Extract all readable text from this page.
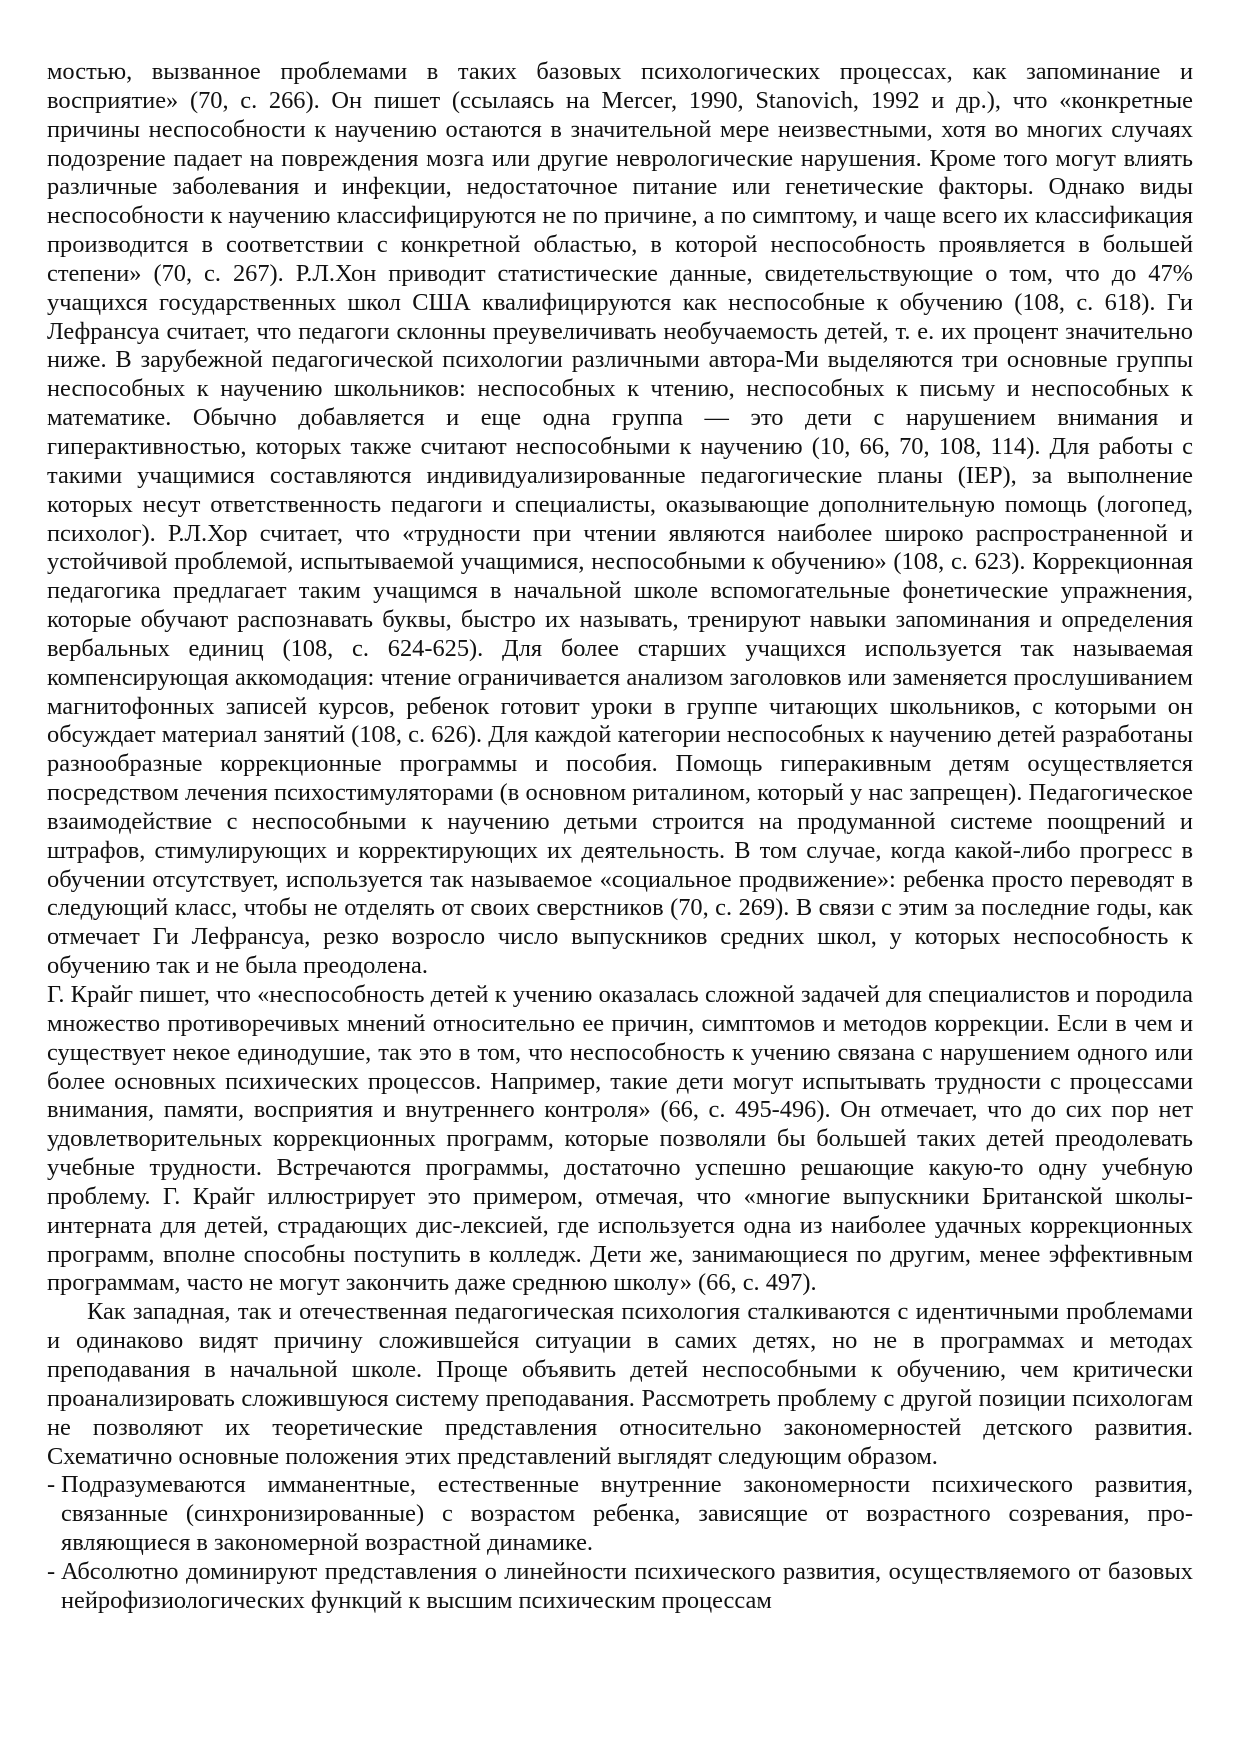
мостью, вызванное проблемами в таких базовых психологических процессах, как запоминание и восприятие» (70, с. 266). Он пишет (ссылаясь на Mercer, 1990, Stanovich, 1992 и др.), что «конкретные причины неспособности к научению остаются в значительной мере неизвестными, хотя во многих случаях подозрение падает на повреждения мозга или другие неврологические нарушения. Кроме того могут влиять различные заболевания и инфекции, недостаточное питание или генетические факторы. Однако виды неспособности к научению классифицируются не по причине, а по симптому, и чаще всего их классификация производится в соответствии с конкретной областью, в которой неспособность проявляется в большей степени» (70, с. 267). Р.Л.Хон приводит статистические данные, свидетельствующие о том, что до 47% учащихся государственных школ США квалифицируются как неспособные к обучению (108, с. 618). Ги Лефрансуа считает, что педагоги склонны преувеличивать необучаемость детей, т. е. их процент значительно ниже. В зарубежной педагогической психологии различными автора-Ми выделяются три основные группы неспособных к научению школьников: неспособных к чтению, неспособных к письму и неспособных к математике. Обычно добавляется и еще одна группа — это дети с нарушением внимания и гиперактивностью, которых также считают неспособными к научению (10, 66, 70, 108, 114). Для работы с такими учащимися составляются индивидуализированные педагогические планы (IEP), за выполнение которых несут ответственность педагоги и специалисты, оказывающие дополнительную помощь (логопед, психолог). Р.Л.Хор считает, что «трудности при чтении являются наиболее широко распространенной и устойчивой проблемой, испытываемой учащимися, неспособными к обучению» (108, с. 623). Коррекционная педагогика предлагает таким учащимся в начальной школе вспомогательные фонетические упражнения, которые обучают распознавать буквы, быстро их называть, тренируют навыки запоминания и определения вербальных единиц (108, с. 624-625). Для более старших учащихся используется так называемая компенсирующая аккомодация: чтение ограничивается анализом заголовков или заменяется прослушиванием магнитофонных записей курсов, ребенок готовит уроки в группе читающих школьников, с которыми он обсуждает материал занятий (108, с. 626). Для каждой категории неспособных к научению детей разработаны разнообразные коррекционные программы и пособия. Помощь гиперакивным детям осуществляется посредством лечения психостимуляторами (в основном риталином, который у нас запрещен). Педагогическое взаимодействие с неспособными к научению детьми строится на продуманной системе поощрений и штрафов, стимулирующих и корректирующих их деятельность. В том случае, когда какой-либо прогресс в обучении отсутствует, используется так называемое «социальное продвижение»: ребенка просто переводят в следующий класс, чтобы не отделять от своих сверстников (70, с. 269). В связи с этим за последние годы, как отмечает Ги Лефрансуа, резко возросло число выпускников средних школ, у которых неспособность к обучению так и не была преодолена.

Г. Крайг пишет, что «неспособность детей к учению оказалась сложной задачей для специалистов и породила множество противоречивых мнений относительно ее причин, симптомов и методов коррекции. Если в чем и существует некое единодушие, так это в том, что неспособность к учению связана с нарушением одного или более основных психических процессов. Например, такие дети могут испытывать трудности с процессами внимания, памяти, восприятия и внутреннего контроля» (66, с. 495-496). Он отмечает, что до сих пор нет удовлетворительных коррекционных программ, которые позволяли бы большей таких детей преодолевать учебные трудности. Встречаются программы, достаточно успешно решающие какую-то одну учебную проблему. Г. Крайг иллюстрирует это примером, отмечая, что «многие выпускники Британской школы-интерната для детей, страдающих дис-лексией, где используется одна из наиболее удачных коррекционных программ, вполне способны поступить в колледж. Дети же, занимающиеся по другим, менее эффективным программам, часто не могут закончить даже среднюю школу» (66, с. 497).

Как западная, так и отечественная педагогическая психология сталкиваются с идентичными проблемами и одинаково видят причину сложившейся ситуации в самих детях, но не в программах и методах преподавания в начальной школе. Проще объявить детей неспособными к обучению, чем критически проанализировать сложившуюся систему преподавания. Рассмотреть проблему с другой позиции психологам не позволяют их теоретические представления относительно закономерностей детского развития. Схематично основные положения этих представлений выглядят следующим образом.

- Подразумеваются имманентные, естественные внутренние закономерности психического развития, связанные (синхронизированные) с возрастом ребенка, зависящие от возрастного созревания, про-являющиеся в закономерной возрастной динамике.

- Абсолютно доминируют представления о линейности психического развития, осуществляемого от базовых нейрофизиологических функций к высшим психическим процессам
